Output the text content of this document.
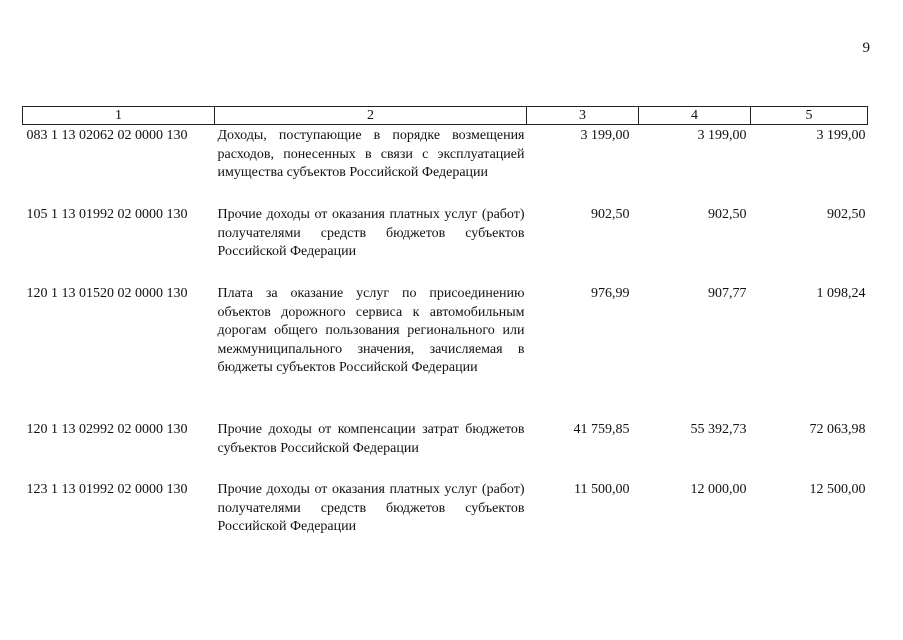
9
1	2	3	4	5
083 1 13 02062 02 0000 130	Доходы, поступающие в порядке возмещения расходов, понесенных в связи с эксплуатацией имущества субъектов Российской Федерации	3 199,00	3 199,00	3 199,00
105 1 13 01992 02 0000 130	Прочие доходы от оказания платных услуг (работ) получателями средств бюджетов субъектов Российской Федерации	902,50	902,50	902,50
120 1 13 01520 02 0000 130	Плата за оказание услуг по присоединению объектов дорожного сервиса к автомобильным дорогам общего пользования регионального или межмуниципального значения, зачисляемая в бюджеты субъектов Российской Федерации	976,99	907,77	1 098,24
120 1 13 02992 02 0000 130	Прочие доходы от компенсации затрат бюджетов субъектов Российской Федерации	41 759,85	55 392,73	72 063,98
123 1 13 01992 02 0000 130	Прочие доходы от оказания платных услуг (работ) получателями средств бюджетов субъектов Российской Федерации	11 500,00	12 000,00	12 500,00
